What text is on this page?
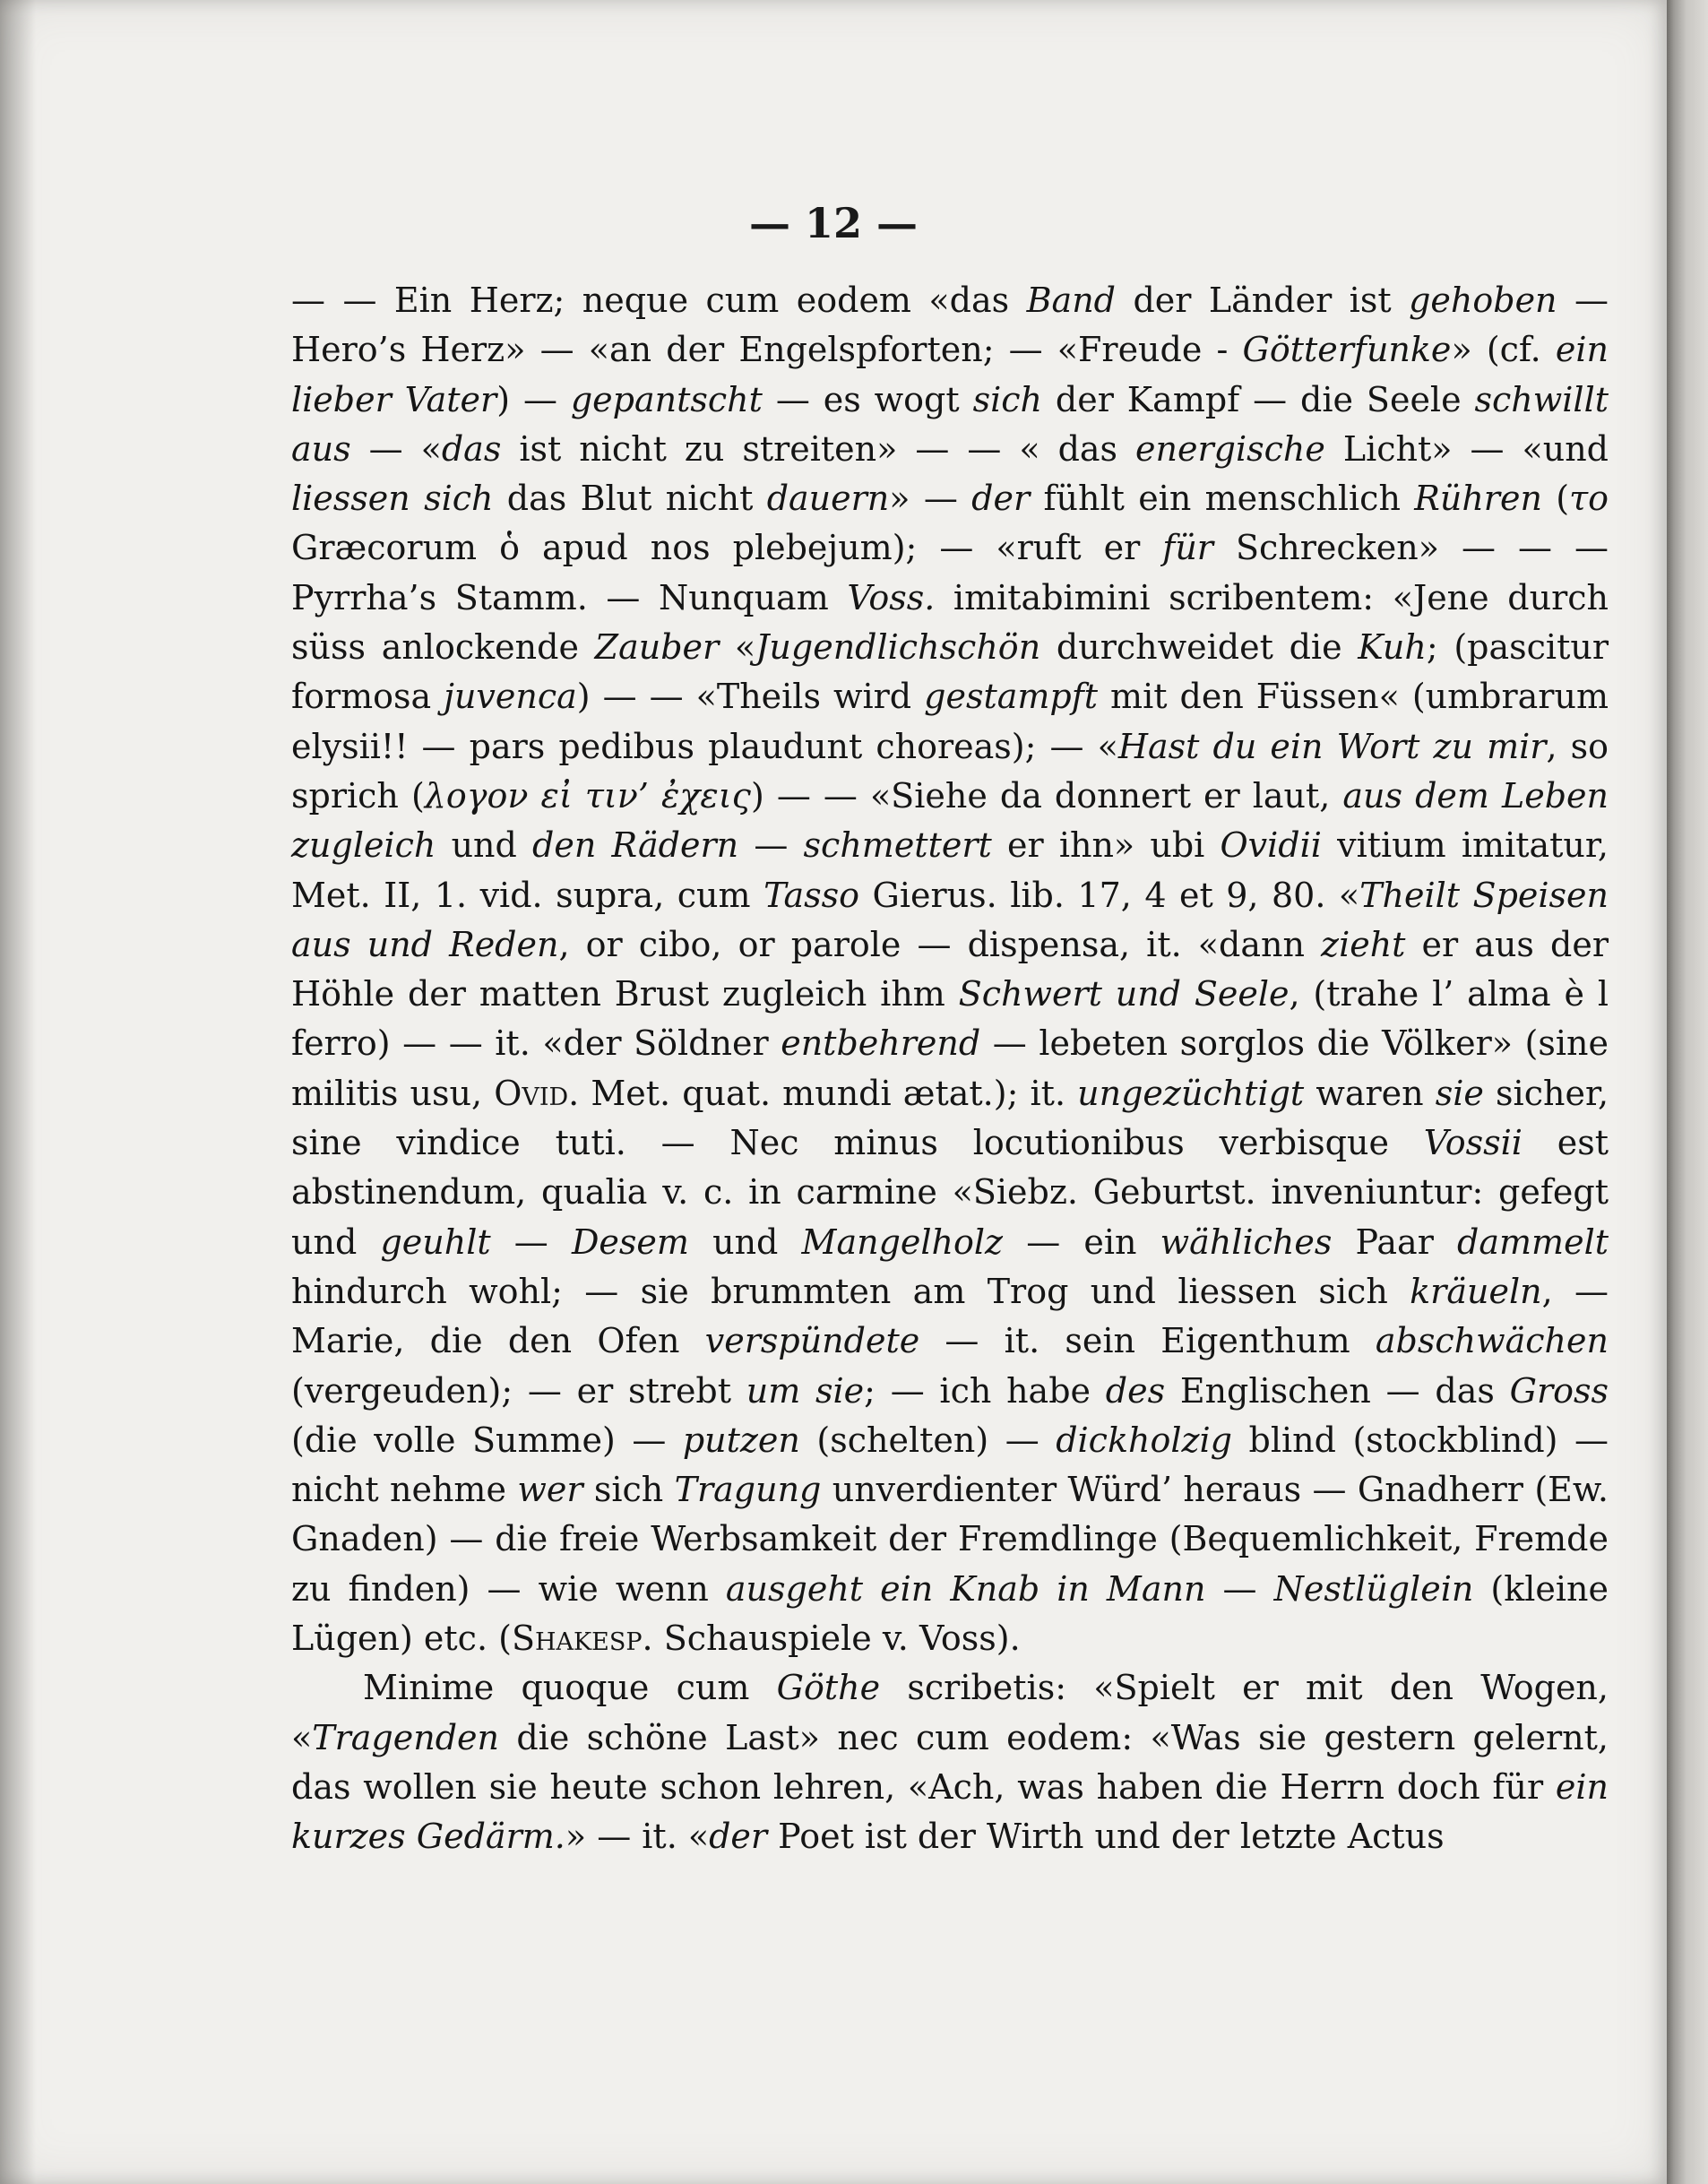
— 12 —

— — Ein Herz; neque cum eodem «das Band der Länder ist gehoben — Hero’s Herz» — «an der Engelspforten; — «Freude - Götterfunke» (cf. ein lieber Vater) — gepantscht — es wogt sich der Kampf — die Seele schwillt aus — «das ist nicht zu streiten» — — « das energische Licht» — «und liessen sich das Blut nicht dauern» — der fühlt ein menschlich Rühren (το Græcorum ὁ apud nos plebejum); — «ruft er für Schrecken» — — — Pyrrha’s Stamm. — Nunquam Voss. imitabimini scribentem: «Jene durch süss anlockende Zauber «Jugendlichschön durchweidet die Kuh; (pascitur formosa juvenca) — — «Theils wird gestampft mit den Füssen« (umbrarum elysii!! — pars pedibus plaudunt choreas); — «Hast du ein Wort zu mir, so sprich (λογον εἰ τιν’ ἐχεις) — — «Siehe da donnert er laut, aus dem Leben zugleich und den Rädern — schmettert er ihn» ubi Ovidii vitium imitatur, Met. II, 1. vid. supra, cum Tasso Gierus. lib. 17, 4 et 9, 80. «Theilt Speisen aus und Reden, or cibo, or parole — dispensa, it. «dann zieht er aus der Höhle der matten Brust zugleich ihm Schwert und Seele, (trahe l’ alma è l ferro) — — it. «der Söldner entbehrend — lebeten sorglos die Völker» (sine militis usu, Ovid. Met. quat. mundi ætat.); it. ungezüchtigt waren sie sicher, sine vindice tuti. — Nec minus locutionibus verbisque Vossii est abstinendum, qualia v. c. in carmine «Siebz. Geburtst. inveniuntur: gefegt und geuhlt — Desem und Mangelholz — ein wähliches Paar dammelt hindurch wohl; — sie brummten am Trog und liessen sich kräueln, — Marie, die den Ofen verspündete — it. sein Eigenthum abschwächen (vergeuden); — er strebt um sie; — ich habe des Englischen — das Gross (die volle Summe) — putzen (schelten) — dickholzig blind (stockblind) — nicht nehme wer sich Tragung unverdienter Würd’ heraus — Gnadherr (Ew. Gnaden) — die freie Werbsamkeit der Fremdlinge (Bequemlichkeit, Fremde zu finden) — wie wenn ausgeht ein Knab in Mann — Nestlüglein (kleine Lügen) etc. (Shakesp. Schauspiele v. Voss).

Minime quoque cum Göthe scribetis: «Spielt er mit den Wogen, «Tragenden die schöne Last» nec cum eodem: «Was sie gestern gelernt, das wollen sie heute schon lehren, «Ach, was haben die Herrn doch für ein kurzes Gedärm.» — it. «der Poet ist der Wirth und der letzte Actus
